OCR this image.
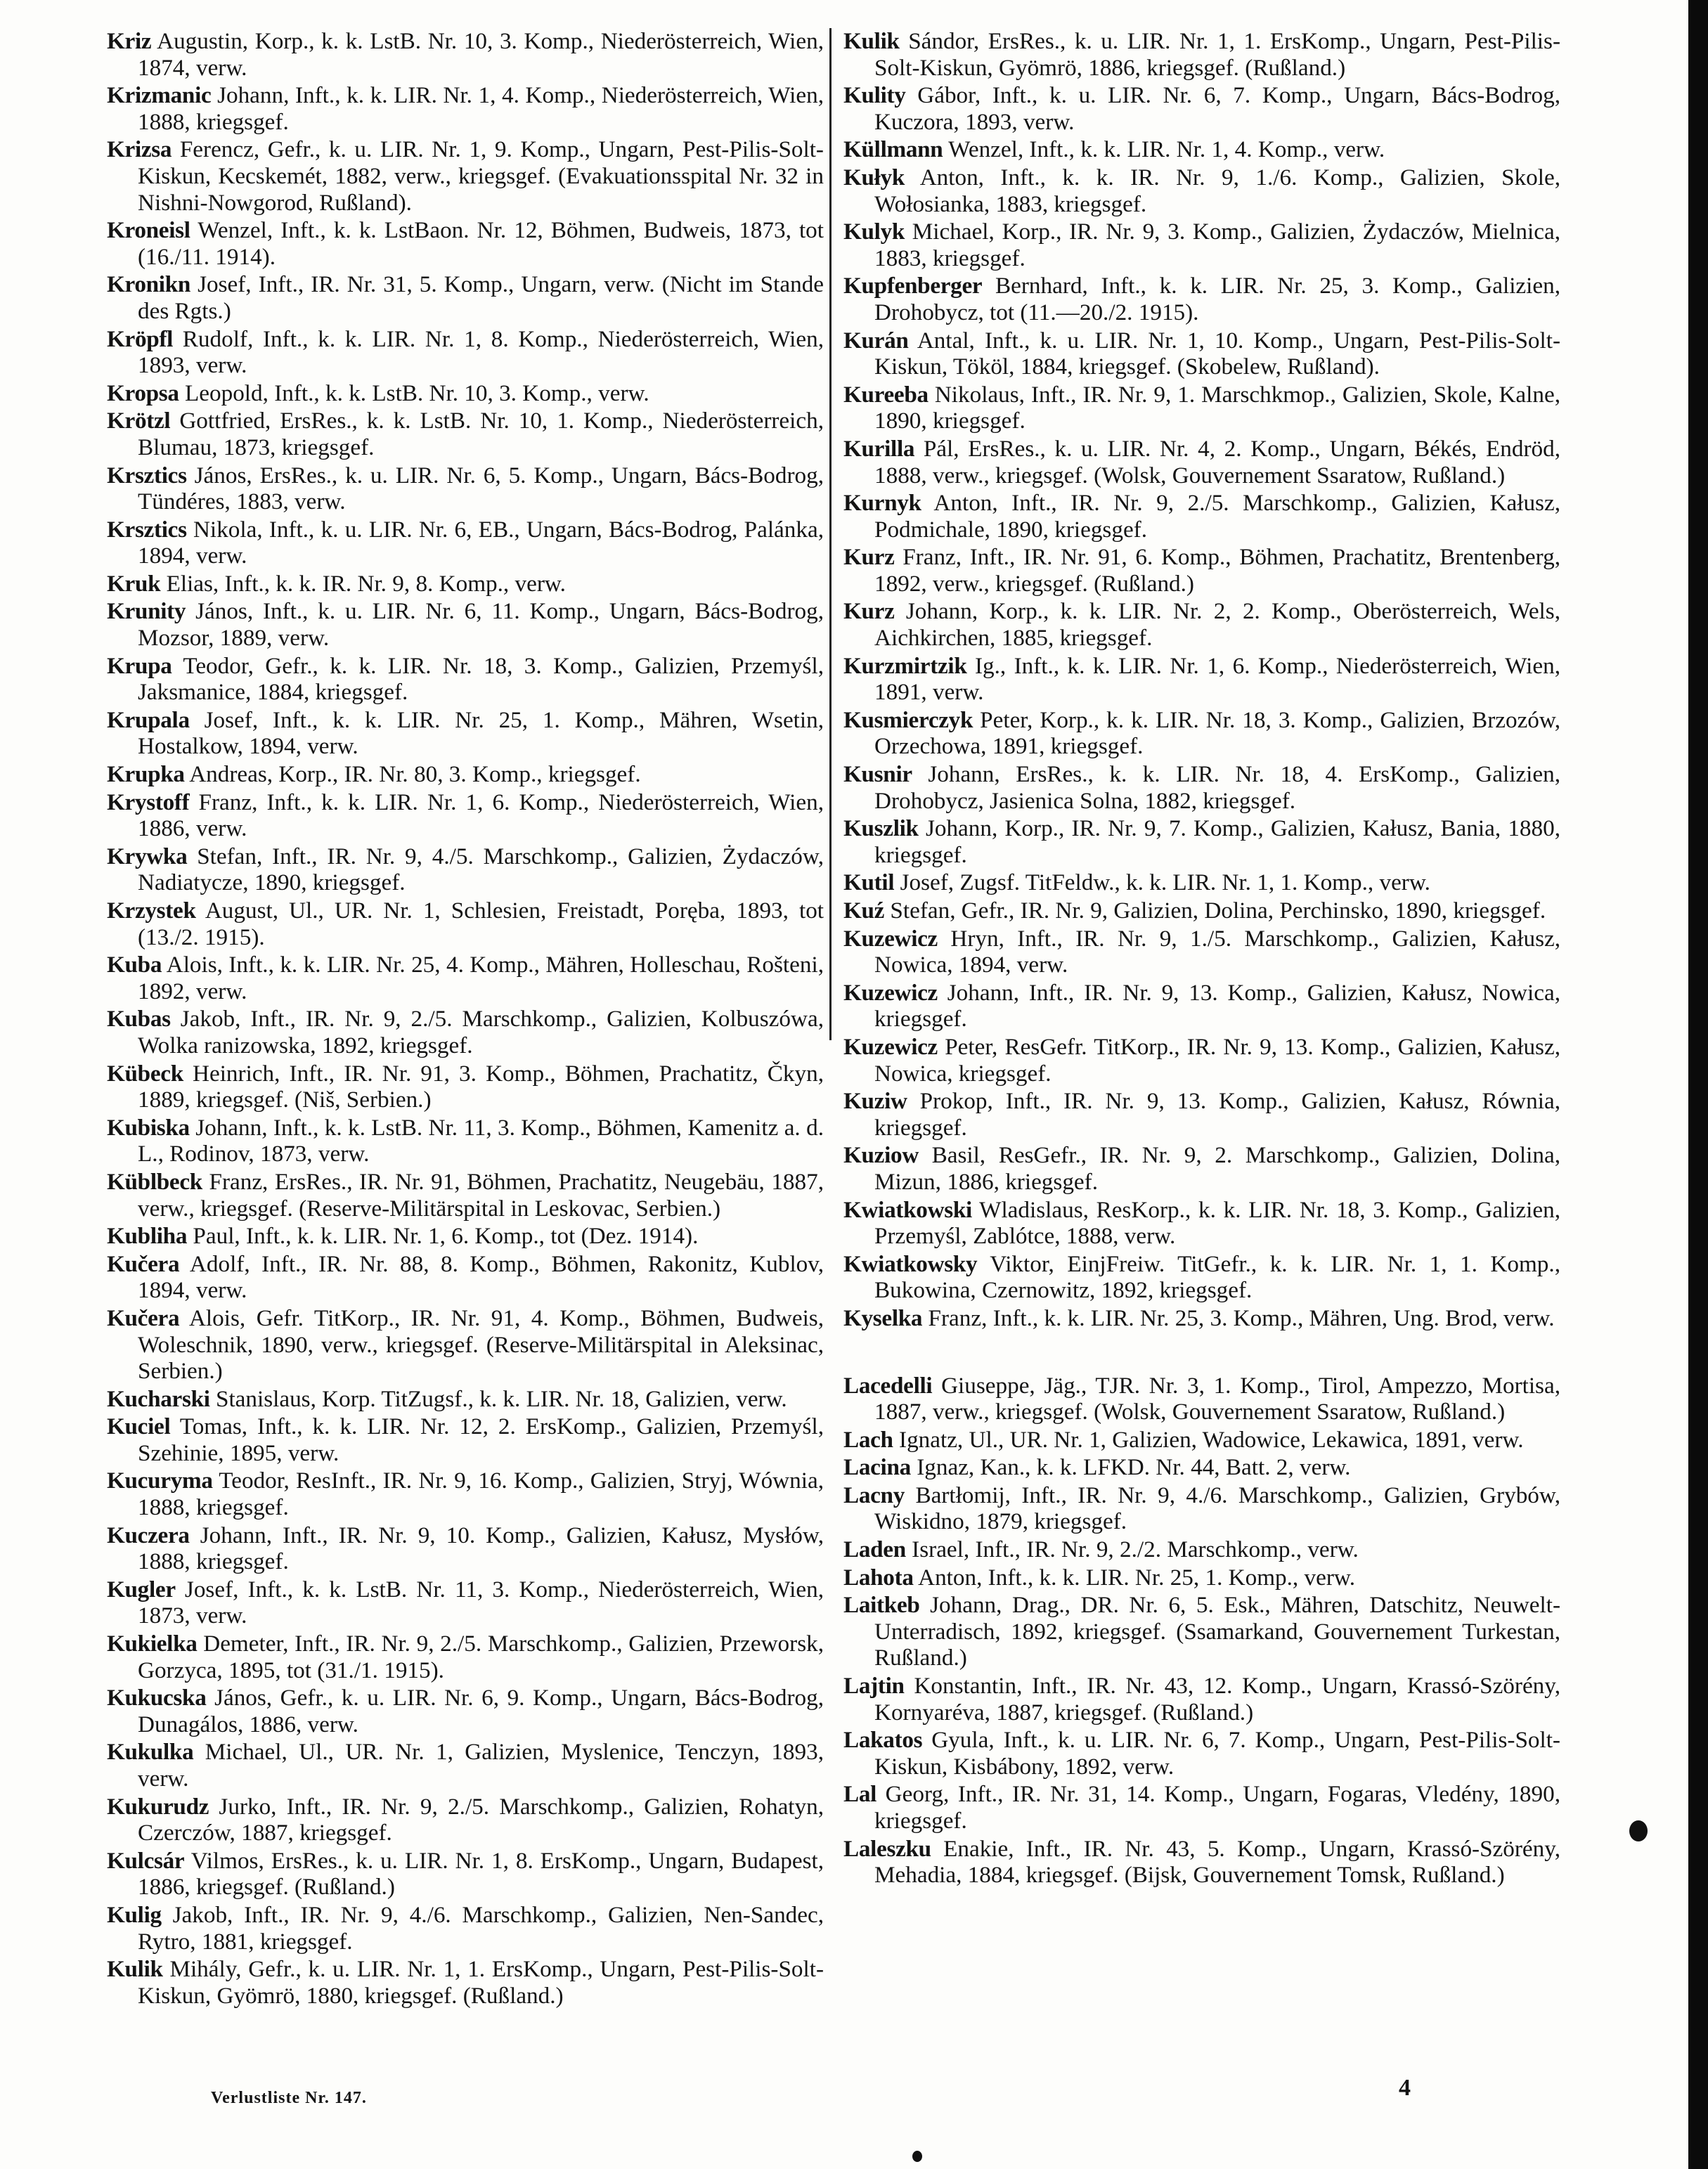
Kriz Augustin, Korp., k. k. LstB. Nr. 10, 3. Komp., Niederösterreich, Wien, 1874, verw.

Krizmanic Johann, Inft., k. k. LIR. Nr. 1, 4. Komp., Niederösterreich, Wien, 1888, kriegsgef.

Krizsa Ferencz, Gefr., k. u. LIR. Nr. 1, 9. Komp., Ungarn, Pest-Pilis-Solt-Kiskun, Kecskemét, 1882, verw., kriegsgef. (Evakuationsspital Nr. 32 in Nishni-Nowgorod, Rußland).

Kroneisl Wenzel, Inft., k. k. LstBaon. Nr. 12, Böhmen, Budweis, 1873, tot (16./11. 1914).

Kronikn Josef, Inft., IR. Nr. 31, 5. Komp., Ungarn, verw. (Nicht im Stande des Rgts.)

Kröpfl Rudolf, Inft., k. k. LIR. Nr. 1, 8. Komp., Niederösterreich, Wien, 1893, verw.

Kropsa Leopold, Inft., k. k. LstB. Nr. 10, 3. Komp., verw.

Krötzl Gottfried, ErsRes., k. k. LstB. Nr. 10, 1. Komp., Niederösterreich, Blumau, 1873, kriegsgef.

Krsztics János, ErsRes., k. u. LIR. Nr. 6, 5. Komp., Ungarn, Bács-Bodrog, Tündéres, 1883, verw.

Krsztics Nikola, Inft., k. u. LIR. Nr. 6, EB., Ungarn, Bács-Bodrog, Palánka, 1894, verw.

Kruk Elias, Inft., k. k. IR. Nr. 9, 8. Komp., verw.

Krunity János, Inft., k. u. LIR. Nr. 6, 11. Komp., Ungarn, Bács-Bodrog, Mozsor, 1889, verw.

Krupa Teodor, Gefr., k. k. LIR. Nr. 18, 3. Komp., Galizien, Przemyśl, Jaksmanice, 1884, kriegsgef.

Krupala Josef, Inft., k. k. LIR. Nr. 25, 1. Komp., Mähren, Wsetin, Hostalkow, 1894, verw.

Krupka Andreas, Korp., IR. Nr. 80, 3. Komp., kriegsgef.

Krystoff Franz, Inft., k. k. LIR. Nr. 1, 6. Komp., Niederösterreich, Wien, 1886, verw.

Krywka Stefan, Inft., IR. Nr. 9, 4./5. Marschkomp., Galizien, Żydaczów, Nadiatycze, 1890, kriegsgef.

Krzystek August, Ul., UR. Nr. 1, Schlesien, Freistadt, Poręba, 1893, tot (13./2. 1915).

Kuba Alois, Inft., k. k. LIR. Nr. 25, 4. Komp., Mähren, Holleschau, Rošteni, 1892, verw.

Kubas Jakob, Inft., IR. Nr. 9, 2./5. Marschkomp., Galizien, Kolbuszówa, Wolka ranizowska, 1892, kriegsgef.

Kübeck Heinrich, Inft., IR. Nr. 91, 3. Komp., Böhmen, Prachatitz, Čkyn, 1889, kriegsgef. (Niš, Serbien.)

Kubiska Johann, Inft., k. k. LstB. Nr. 11, 3. Komp., Böhmen, Kamenitz a. d. L., Rodinov, 1873, verw.

Küblbeck Franz, ErsRes., IR. Nr. 91, Böhmen, Prachatitz, Neugebäu, 1887, verw., kriegsgef. (Reserve-Militärspital in Leskovac, Serbien.)

Kubliha Paul, Inft., k. k. LIR. Nr. 1, 6. Komp., tot (Dez. 1914).

Kučera Adolf, Inft., IR. Nr. 88, 8. Komp., Böhmen, Rakonitz, Kublov, 1894, verw.

Kučera Alois, Gefr. TitKorp., IR. Nr. 91, 4. Komp., Böhmen, Budweis, Woleschnik, 1890, verw., kriegsgef. (Reserve-Militärspital in Aleksinac, Serbien.)

Kucharski Stanislaus, Korp. TitZugsf., k. k. LIR. Nr. 18, Galizien, verw.

Kuciel Tomas, Inft., k. k. LIR. Nr. 12, 2. ErsKomp., Galizien, Przemyśl, Szehinie, 1895, verw.

Kucuryma Teodor, ResInft., IR. Nr. 9, 16. Komp., Galizien, Stryj, Wównia, 1888, kriegsgef.

Kuczera Johann, Inft., IR. Nr. 9, 10. Komp., Galizien, Kałusz, Mysłów, 1888, kriegsgef.

Kugler Josef, Inft., k. k. LstB. Nr. 11, 3. Komp., Niederösterreich, Wien, 1873, verw.

Kukielka Demeter, Inft., IR. Nr. 9, 2./5. Marschkomp., Galizien, Przeworsk, Gorzyca, 1895, tot (31./1. 1915).

Kukucska János, Gefr., k. u. LIR. Nr. 6, 9. Komp., Ungarn, Bács-Bodrog, Dunagálos, 1886, verw.

Kukulka Michael, Ul., UR. Nr. 1, Galizien, Myslenice, Tenczyn, 1893, verw.

Kukurudz Jurko, Inft., IR. Nr. 9, 2./5. Marschkomp., Galizien, Rohatyn, Czerczów, 1887, kriegsgef.

Kulcsár Vilmos, ErsRes., k. u. LIR. Nr. 1, 8. ErsKomp., Ungarn, Budapest, 1886, kriegsgef. (Rußland.)

Kulig Jakob, Inft., IR. Nr. 9, 4./6. Marschkomp., Galizien, Nen-Sandec, Rytro, 1881, kriegsgef.

Kulik Mihály, Gefr., k. u. LIR. Nr. 1, 1. ErsKomp., Ungarn, Pest-Pilis-Solt-Kiskun, Gyömrö, 1880, kriegsgef. (Rußland.)

Kulik Sándor, ErsRes., k. u. LIR. Nr. 1, 1. ErsKomp., Ungarn, Pest-Pilis-Solt-Kiskun, Gyömrö, 1886, kriegsgef. (Rußland.)

Kulity Gábor, Inft., k. u. LIR. Nr. 6, 7. Komp., Ungarn, Bács-Bodrog, Kuczora, 1893, verw.

Küllmann Wenzel, Inft., k. k. LIR. Nr. 1, 4. Komp., verw.

Kułyk Anton, Inft., k. k. IR. Nr. 9, 1./6. Komp., Galizien, Skole, Wołosianka, 1883, kriegsgef.

Kulyk Michael, Korp., IR. Nr. 9, 3. Komp., Galizien, Żydaczów, Mielnica, 1883, kriegsgef.

Kupfenberger Bernhard, Inft., k. k. LIR. Nr. 25, 3. Komp., Galizien, Drohobycz, tot (11.—20./2. 1915).

Kurán Antal, Inft., k. u. LIR. Nr. 1, 10. Komp., Ungarn, Pest-Pilis-Solt-Kiskun, Tököl, 1884, kriegsgef. (Skobelew, Rußland).

Kureeba Nikolaus, Inft., IR. Nr. 9, 1. Marschkmop., Galizien, Skole, Kalne, 1890, kriegsgef.

Kurilla Pál, ErsRes., k. u. LIR. Nr. 4, 2. Komp., Ungarn, Békés, Endröd, 1888, verw., kriegsgef. (Wolsk, Gouvernement Ssaratow, Rußland.)

Kurnyk Anton, Inft., IR. Nr. 9, 2./5. Marschkomp., Galizien, Kałusz, Podmichale, 1890, kriegsgef.

Kurz Franz, Inft., IR. Nr. 91, 6. Komp., Böhmen, Prachatitz, Brentenberg, 1892, verw., kriegsgef. (Rußland.)

Kurz Johann, Korp., k. k. LIR. Nr. 2, 2. Komp., Oberösterreich, Wels, Aichkirchen, 1885, kriegsgef.

Kurzmirtzik Ig., Inft., k. k. LIR. Nr. 1, 6. Komp., Niederösterreich, Wien, 1891, verw.

Kusmierczyk Peter, Korp., k. k. LIR. Nr. 18, 3. Komp., Galizien, Brzozów, Orzechowa, 1891, kriegsgef.

Kusnir Johann, ErsRes., k. k. LIR. Nr. 18, 4. ErsKomp., Galizien, Drohobycz, Jasienica Solna, 1882, kriegsgef.

Kuszlik Johann, Korp., IR. Nr. 9, 7. Komp., Galizien, Kałusz, Bania, 1880, kriegsgef.

Kutil Josef, Zugsf. TitFeldw., k. k. LIR. Nr. 1, 1. Komp., verw.

Kuź Stefan, Gefr., IR. Nr. 9, Galizien, Dolina, Perchinsko, 1890, kriegsgef.

Kuzewicz Hryn, Inft., IR. Nr. 9, 1./5. Marschkomp., Galizien, Kałusz, Nowica, 1894, verw.

Kuzewicz Johann, Inft., IR. Nr. 9, 13. Komp., Galizien, Kałusz, Nowica, kriegsgef.

Kuzewicz Peter, ResGefr. TitKorp., IR. Nr. 9, 13. Komp., Galizien, Kałusz, Nowica, kriegsgef.

Kuziw Prokop, Inft., IR. Nr. 9, 13. Komp., Galizien, Kałusz, Równia, kriegsgef.

Kuziow Basil, ResGefr., IR. Nr. 9, 2. Marschkomp., Galizien, Dolina, Mizun, 1886, kriegsgef.

Kwiatkowski Wladislaus, ResKorp., k. k. LIR. Nr. 18, 3. Komp., Galizien, Przemyśl, Zablótce, 1888, verw.

Kwiatkowsky Viktor, EinjFreiw. TitGefr., k. k. LIR. Nr. 1, 1. Komp., Bukowina, Czernowitz, 1892, kriegsgef.

Kyselka Franz, Inft., k. k. LIR. Nr. 25, 3. Komp., Mähren, Ung. Brod, verw.

Lacedelli Giuseppe, Jäg., TJR. Nr. 3, 1. Komp., Tirol, Ampezzo, Mortisa, 1887, verw., kriegsgef. (Wolsk, Gouvernement Ssaratow, Rußland.)

Lach Ignatz, Ul., UR. Nr. 1, Galizien, Wadowice, Lekawica, 1891, verw.

Lacina Ignaz, Kan., k. k. LFKD. Nr. 44, Batt. 2, verw.

Lacny Bartłomij, Inft., IR. Nr. 9, 4./6. Marschkomp., Galizien, Grybów, Wiskidno, 1879, kriegsgef.

Laden Israel, Inft., IR. Nr. 9, 2./2. Marschkomp., verw.

Lahota Anton, Inft., k. k. LIR. Nr. 25, 1. Komp., verw.

Laitkeb Johann, Drag., DR. Nr. 6, 5. Esk., Mähren, Datschitz, Neuwelt-Unterradisch, 1892, kriegsgef. (Ssamarkand, Gouvernement Turkestan, Rußland.)

Lajtin Konstantin, Inft., IR. Nr. 43, 12. Komp., Ungarn, Krassó-Szörény, Kornyaréva, 1887, kriegsgef. (Rußland.)

Lakatos Gyula, Inft., k. u. LIR. Nr. 6, 7. Komp., Ungarn, Pest-Pilis-Solt-Kiskun, Kisbábony, 1892, verw.

Lal Georg, Inft., IR. Nr. 31, 14. Komp., Ungarn, Fogaras, Vledény, 1890, kriegsgef.

Laleszku Enakie, Inft., IR. Nr. 43, 5. Komp., Ungarn, Krassó-Szörény, Mehadia, 1884, kriegsgef. (Bijsk, Gouvernement Tomsk, Rußland.)

Verlustliste Nr. 147.	4
